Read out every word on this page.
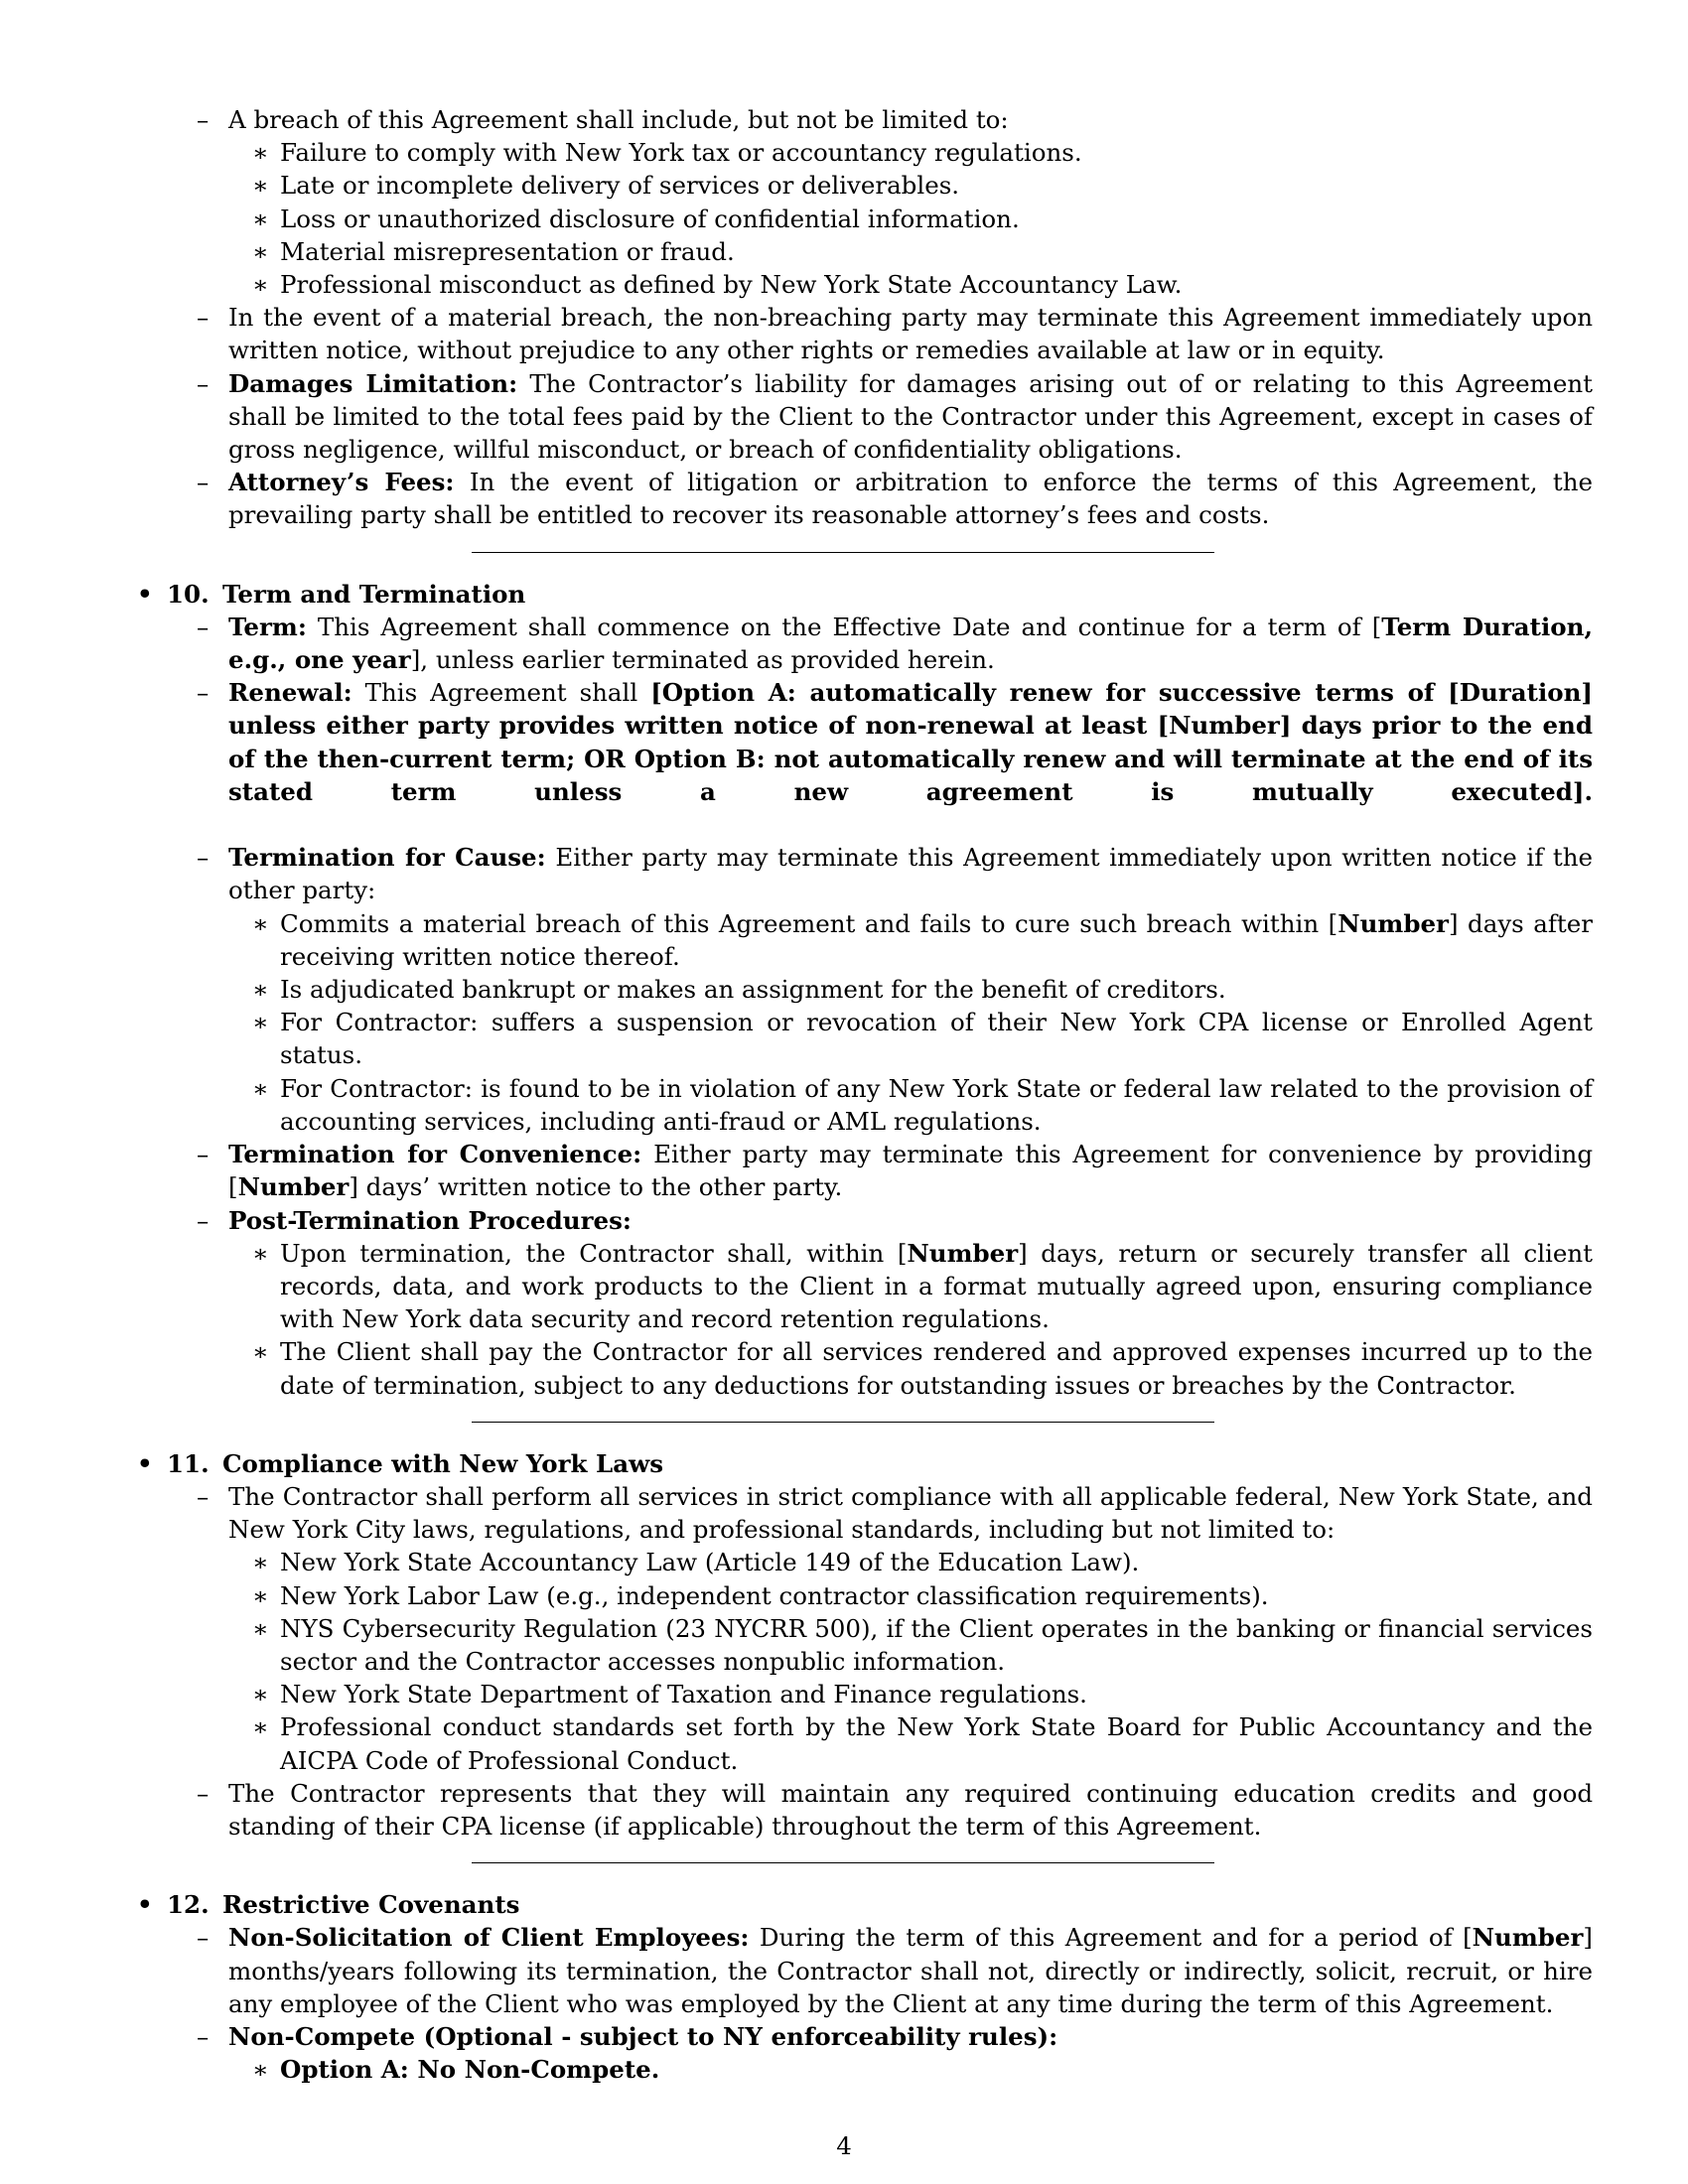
– A breach of this Agreement shall include, but not be limited to:
∗ Failure to comply with New York tax or accountancy regulations.
∗ Late or incomplete delivery of services or deliverables.
∗ Loss or unauthorized disclosure of confidential information.
∗ Material misrepresentation or fraud.
∗ Professional misconduct as defined by New York State Accountancy Law.
– In the event of a material breach, the non-breaching party may terminate this Agreement immediately upon written notice, without prejudice to any other rights or remedies available at law or in equity.
– Damages Limitation: The Contractor’s liability for damages arising out of or relating to this Agreement shall be limited to the total fees paid by the Client to the Contractor under this Agreement, except in cases of gross negligence, willful misconduct, or breach of confidentiality obligations.
– Attorney’s Fees: In the event of litigation or arbitration to enforce the terms of this Agreement, the prevailing party shall be entitled to recover its reasonable attorney’s fees and costs.
• 10. Term and Termination
– Term: This Agreement shall commence on the Effective Date and continue for a term of [Term Duration, e.g., one year], unless earlier terminated as provided herein.
– Renewal: This Agreement shall [Option A: automatically renew for successive terms of [Duration] unless either party provides written notice of non-renewal at least [Number] days prior to the end of the then-current term; OR Option B: not automatically renew and will terminate at the end of its stated term unless a new agreement is mutually executed].
– Termination for Cause: Either party may terminate this Agreement immediately upon written notice if the other party:
∗ Commits a material breach of this Agreement and fails to cure such breach within [Number] days after receiving written notice thereof.
∗ Is adjudicated bankrupt or makes an assignment for the benefit of creditors.
∗ For Contractor: suffers a suspension or revocation of their New York CPA license or Enrolled Agent status.
∗ For Contractor: is found to be in violation of any New York State or federal law related to the provision of accounting services, including anti-fraud or AML regulations.
– Termination for Convenience: Either party may terminate this Agreement for convenience by providing [Number] days’ written notice to the other party.
– Post-Termination Procedures:
∗ Upon termination, the Contractor shall, within [Number] days, return or securely transfer all client records, data, and work products to the Client in a format mutually agreed upon, ensuring compliance with New York data security and record retention regulations.
∗ The Client shall pay the Contractor for all services rendered and approved expenses incurred up to the date of termination, subject to any deductions for outstanding issues or breaches by the Contractor.
• 11. Compliance with New York Laws
– The Contractor shall perform all services in strict compliance with all applicable federal, New York State, and New York City laws, regulations, and professional standards, including but not limited to:
∗ New York State Accountancy Law (Article 149 of the Education Law).
∗ New York Labor Law (e.g., independent contractor classification requirements).
∗ NYS Cybersecurity Regulation (23 NYCRR 500), if the Client operates in the banking or financial services sector and the Contractor accesses nonpublic information.
∗ New York State Department of Taxation and Finance regulations.
∗ Professional conduct standards set forth by the New York State Board for Public Accountancy and the AICPA Code of Professional Conduct.
– The Contractor represents that they will maintain any required continuing education credits and good standing of their CPA license (if applicable) throughout the term of this Agreement.
• 12. Restrictive Covenants
– Non-Solicitation of Client Employees: During the term of this Agreement and for a period of [Number] months/years following its termination, the Contractor shall not, directly or indirectly, solicit, recruit, or hire any employee of the Client who was employed by the Client at any time during the term of this Agreement.
– Non-Compete (Optional - subject to NY enforceability rules):
∗ Option A: No Non-Compete.
4
